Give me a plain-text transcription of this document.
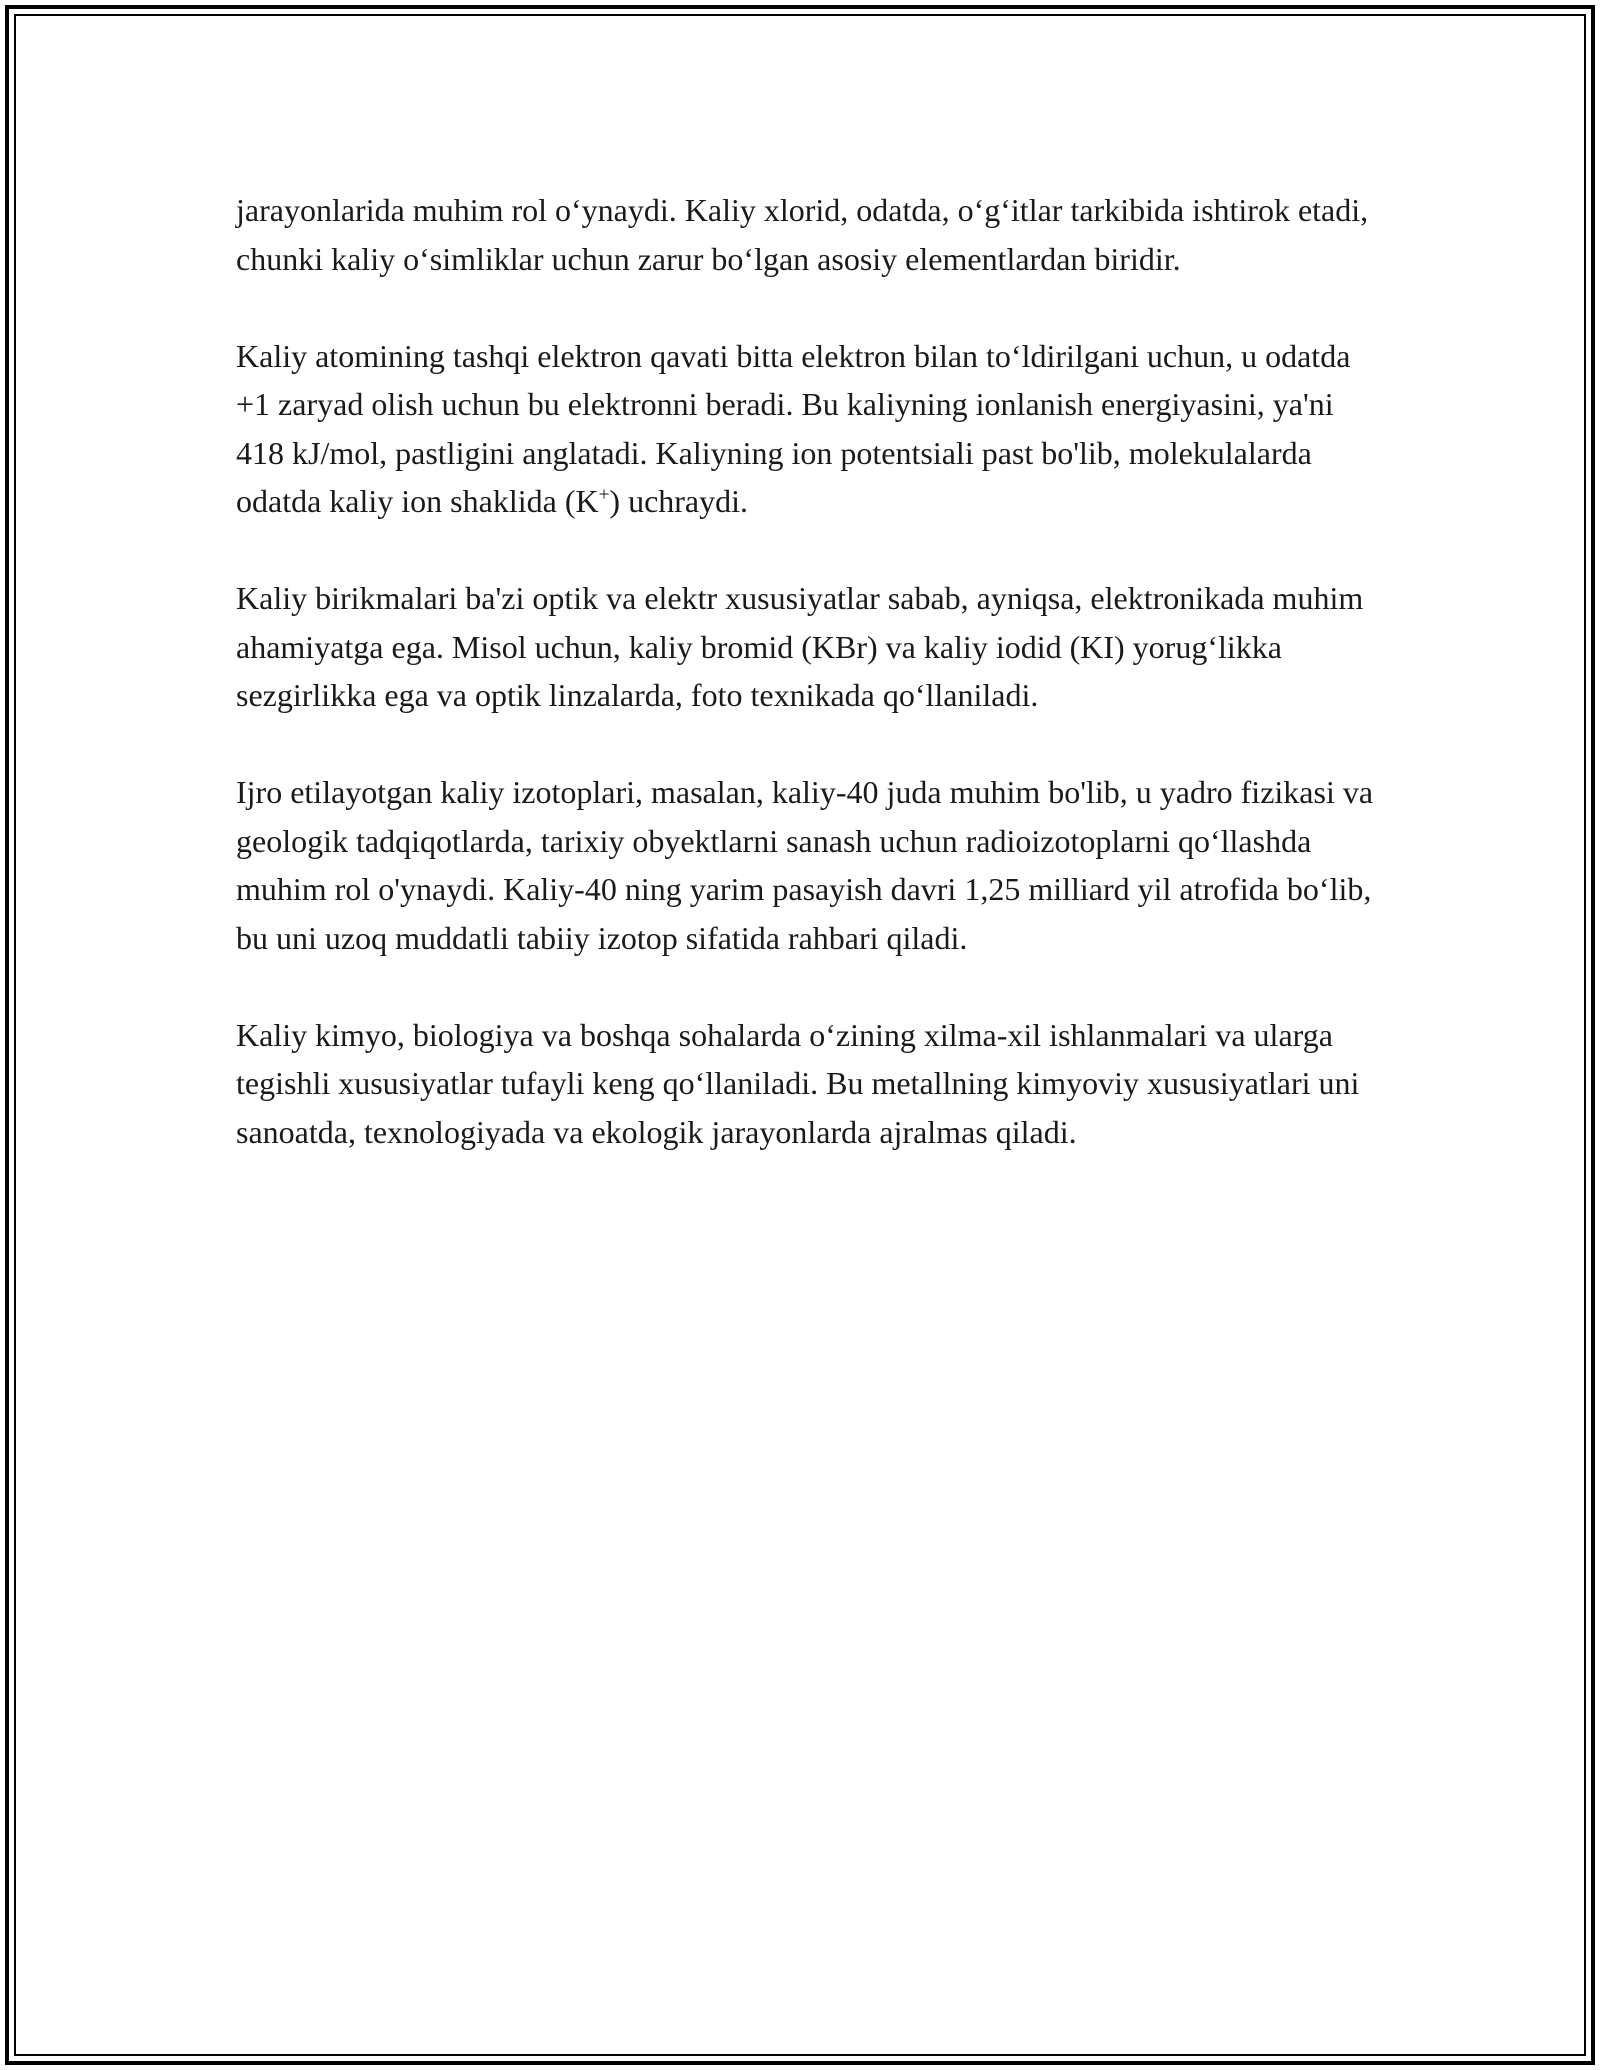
jarayonlarida muhim rol o‘ynaydi. Kaliy xlorid, odatda, o‘g‘itlar tarkibida ishtirok etadi, chunki kaliy o‘simliklar uchun zarur bo‘lgan asosiy elementlardan biridir.

Kaliy atomining tashqi elektron qavati bitta elektron bilan to‘ldirilgani uchun, u odatda +1 zaryad olish uchun bu elektronni beradi. Bu kaliyning ionlanish energiyasini, ya'ni 418 kJ/mol, pastligini anglatadi. Kaliyning ion potentsiali past bo'lib, molekulalarda odatda kaliy ion shaklida (K+) uchraydi.

Kaliy birikmalari ba'zi optik va elektr xususiyatlar sabab, ayniqsa, elektronikada muhim ahamiyatga ega. Misol uchun, kaliy bromid (KBr) va kaliy iodid (KI) yorug‘likka sezgirlikka ega va optik linzalarda, foto texnikada qo‘llaniladi.

Ijro etilayotgan kaliy izotoplari, masalan, kaliy-40 juda muhim bo'lib, u yadro fizikasi va geologik tadqiqotlarda, tarixiy obyektlarni sanash uchun radioizotoplarni qo‘llashda muhim rol o'ynaydi. Kaliy-40 ning yarim pasayish davri 1,25 milliard yil atrofida bo‘lib, bu uni uzoq muddatli tabiiy izotop sifatida rahbari qiladi.

Kaliy kimyo, biologiya va boshqa sohalarda o‘zining xilma-xil ishlanmalari va ularga tegishli xususiyatlar tufayli keng qo‘llaniladi. Bu metallning kimyoviy xususiyatlari uni sanoatda, texnologiyada va ekologik jarayonlarda ajralmas qiladi.
